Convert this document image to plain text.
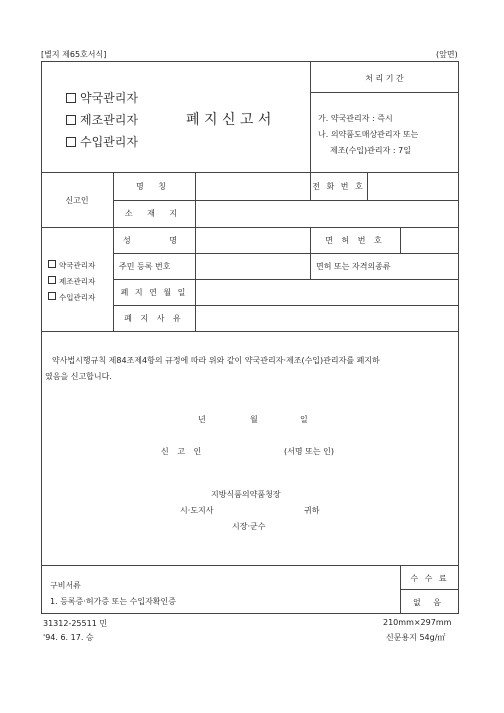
[별지 제65호서식]	(앞면)
약국관리자
제조관리자
수입관리자
폐 지 신 고 서
처 리 기 간
가. 약국관리자 : 즉시
나. 의약품도매상관리자 또는
제조(수입)관리자 : 7일
신고인
명 칭	전 화 번 호
소 재 지
약국관리자
제조관리자
수입관리자
성 명	면 허 번 호
주민 등록 번호	면허 또는 자격의종류
폐 지 연 월 일
폐 지 사 유
약사법시행규칙 제84조제4항의 규정에 따라 위와 같이 약국관리자·제조(수입)관리자를 폐지하
였음을 신고합니다.
년	월	일
신 고 인	(서명 또는 인)
지방식품의약품청장
시·도지사	귀하
시장·군수
구비서류
1. 등록증·허가증 또는 수입자확인증
수 수 료
없 음
31312-25511 민
'94. 6. 17. 승
210mm×297mm
신문용지 54g/㎡
